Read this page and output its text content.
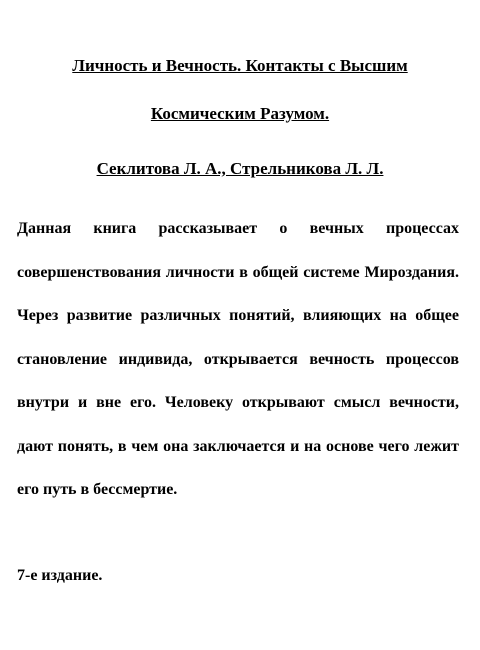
Личность и Вечность. Контакты с Высшим
Космическим Разумом.
Секлитова Л. А., Стрельникова Л. Л.
Данная книга рассказывает о вечных процессах совершенствования личности в общей системе Мироздания. Через развитие различных понятий, влияющих на общее становление индивида, открывается вечность процессов внутри и вне его. Человеку открывают смысл вечности, дают понять, в чем она заключается и на основе чего лежит его путь в бессмертие.
7-е издание.
